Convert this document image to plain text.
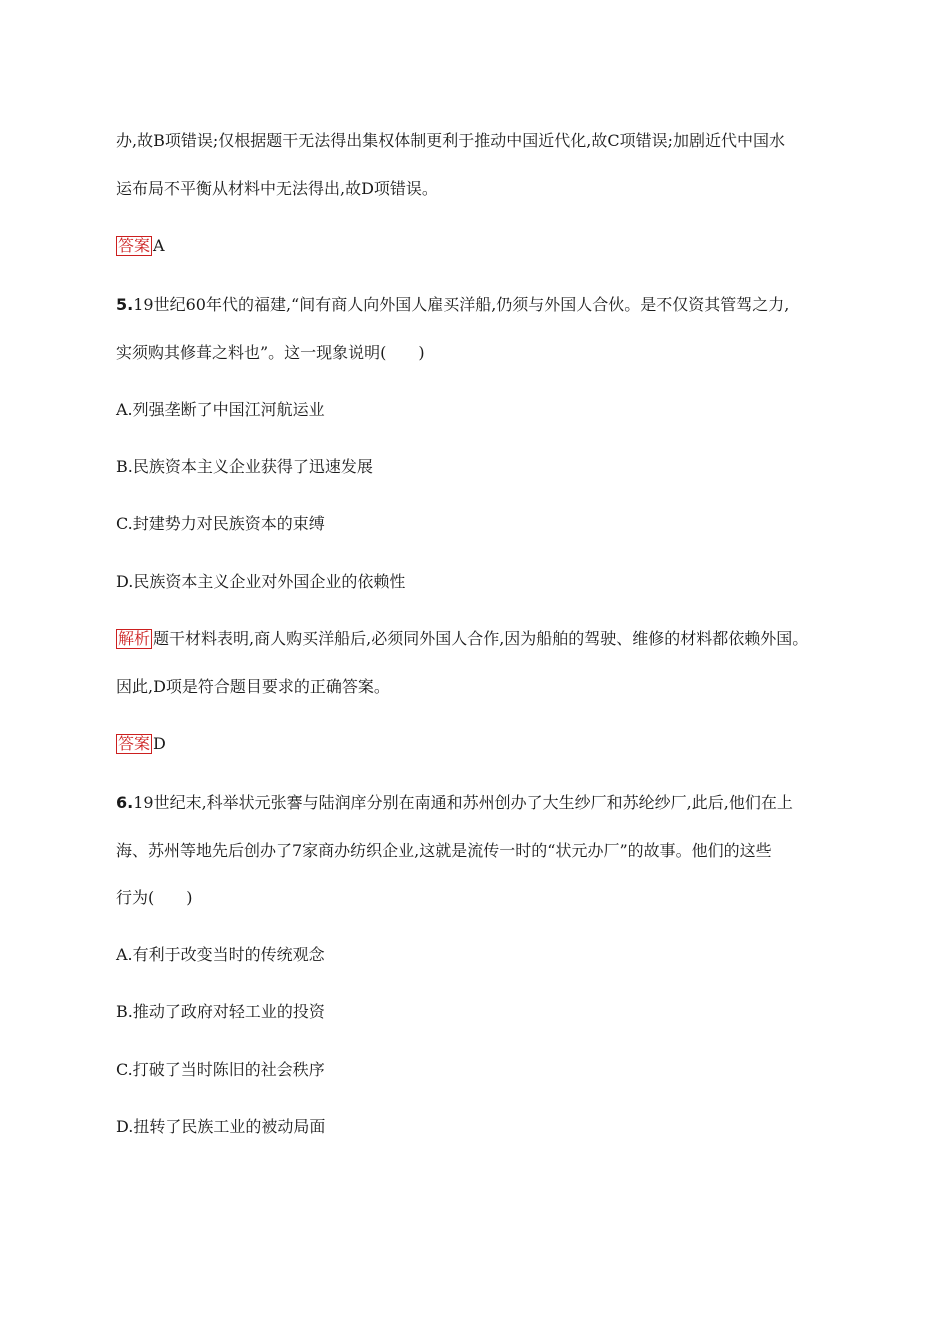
办,故B项错误;仅根据题干无法得出集权体制更利于推动中国近代化,故C项错误;加剧近代中国水
运布局不平衡从材料中无法得出,故D项错误。
答案 A
5.19世纪60年代的福建,“间有商人向外国人雇买洋船,仍须与外国人合伙。是不仅资其管驾之力,
实须购其修葺之料也”。这一现象说明(　　)
A.列强垄断了中国江河航运业
B.民族资本主义企业获得了迅速发展
C.封建势力对民族资本的束缚
D.民族资本主义企业对外国企业的依赖性
解析 题干材料表明,商人购买洋船后,必须同外国人合作,因为船舶的驾驶、维修的材料都依赖外国。
因此,D项是符合题目要求的正确答案。
答案 D
6.19世纪末,科举状元张謇与陆润庠分别在南通和苏州创办了大生纱厂和苏纶纱厂,此后,他们在上
海、苏州等地先后创办了7家商办纺织企业,这就是流传一时的“状元办厂”的故事。他们的这些
行为(　　)
A.有利于改变当时的传统观念
B.推动了政府对轻工业的投资
C.打破了当时陈旧的社会秩序
D.扭转了民族工业的被动局面
